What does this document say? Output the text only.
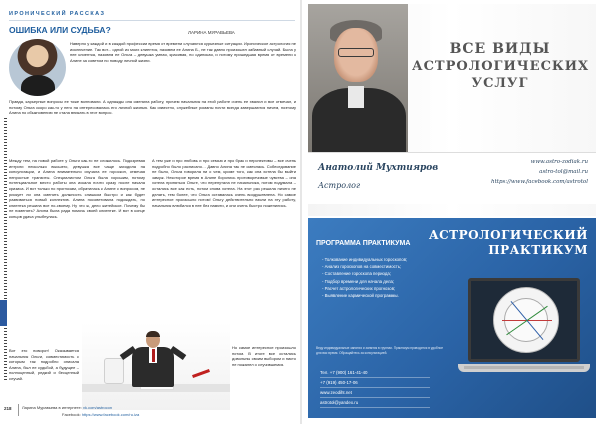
ИРОНИЧЕСКИЙ РАССКАЗ
ОШИБКА ИЛИ СУДЬБА?	ЛАРИНА МУРАВЬЕВА
Наверно у каждой и в каждой профессии время от времени случаются курьезные ситуации. Ироническое астрология не исключение. Так вот... одной из моих клиенток, назовем ее Алина Б., не так давно произошел забавный случай. Была у нее клиентка, назовем ее Ольга – девушка умная, красивая, но одинокая, и потому пришедшая время от времени к Алине за советом по поводу личной жизни.
Правда, карьерные вопросы ее тоже волновали. А однажды она сменила работу, причем начальник на этой работе очень ее хвалил и все отмечал, и потому Ольга скоро как-то у него на интересовалась его личной жизнью. Как известно, служебные романы почти всегда завершаются ничем, поэтому Алина по обыкновению не стала вникать в этот вопрос.
Между тем, на новой работе у Ольги как-то не сложилось. Подозревая интриги несколько высшего, девушка все чаще заходила на консультации, и Алина внимательно изучала ее гороскоп, отмечая непростые транзиты. Специалистом Ольга была хорошим, потому потенциальное место работы она искала почти сразу после начала кризиса. И вот только по прогнозам, обратилась к Алине с вопросом, не рискует ли она сменить должность слишком быстро и как будет развиваться новый коллектив. Алина посоветовала подождать, но клиентка решила все по-своему. Ну что ж, дело житейское. Почему бы не поменять? Алина была рада помочь своей клиентке. И вот в конце концов удача улыбнулась.
А тем уже и про любовь и про семью и про брак и перспективы – все очень подробно было расписано… Давно Алина так не смеялась. Собеседование не было, Ольга говорила ни о чем, кроме того, как она хотела бы выйти замуж. Некоторое время в Алине боролись противоречивые чувства – она хотела приняться Ольге, что перепутала не начальника, потом подумала – остались все как есть, потом снова хотела. На этот раз решила ничего не делать, тем более, что Ольга оставалась очень воодушевлена. Но самое интересное произошло потом! Ольгу действительно взяли на эту работу, начальник влюбился в нее без памяти, и они очень быстро поженились.
Вот это поворот! Оказывается начальник Ольги, совместимость с которым так подробно описала Алина, был ее судьбой, а будущее – полноценный, редкий и бесценный случай.
Но самое интересное произошло потом. В итоге все остались довольны своим выбором и никто не пожалел о случившемся.
218	Ларина Муравьева в интернете: vk.com/astrocon
Facebook: https://www.facebook.com/ru.iza
ВСЕ ВИДЫ
АСТРОЛОГИЧЕСКИХ
УСЛУГ
Анатолий Мухтияров
Астролог
www.astro-zodiak.ru
astro-tol@mail.ru
https://www.facebook.com/astrotol
АСТРОЛОГИЧЕСКИЙ
ПРАКТИКУМ
ПРОГРАММА ПРАКТИКУМА
- Толкование индивидуальных гороскопов;
- Анализ гороскопов на совместимость;
- Составление гороскопа периода;
- Подбор времени для начала дела;
- Расчет астрологических прогнозов;
- Выявление кармической программы.
Веду индивидуальные занятия и занятия в группах. Практикум проводится в удобное для вас время. Обращайтесь за консультацией.
Тел. +7 (900) 161-41-40
+7 (919) 450-17-06
www.zeodiht.net
astrotol@yandex.ru
